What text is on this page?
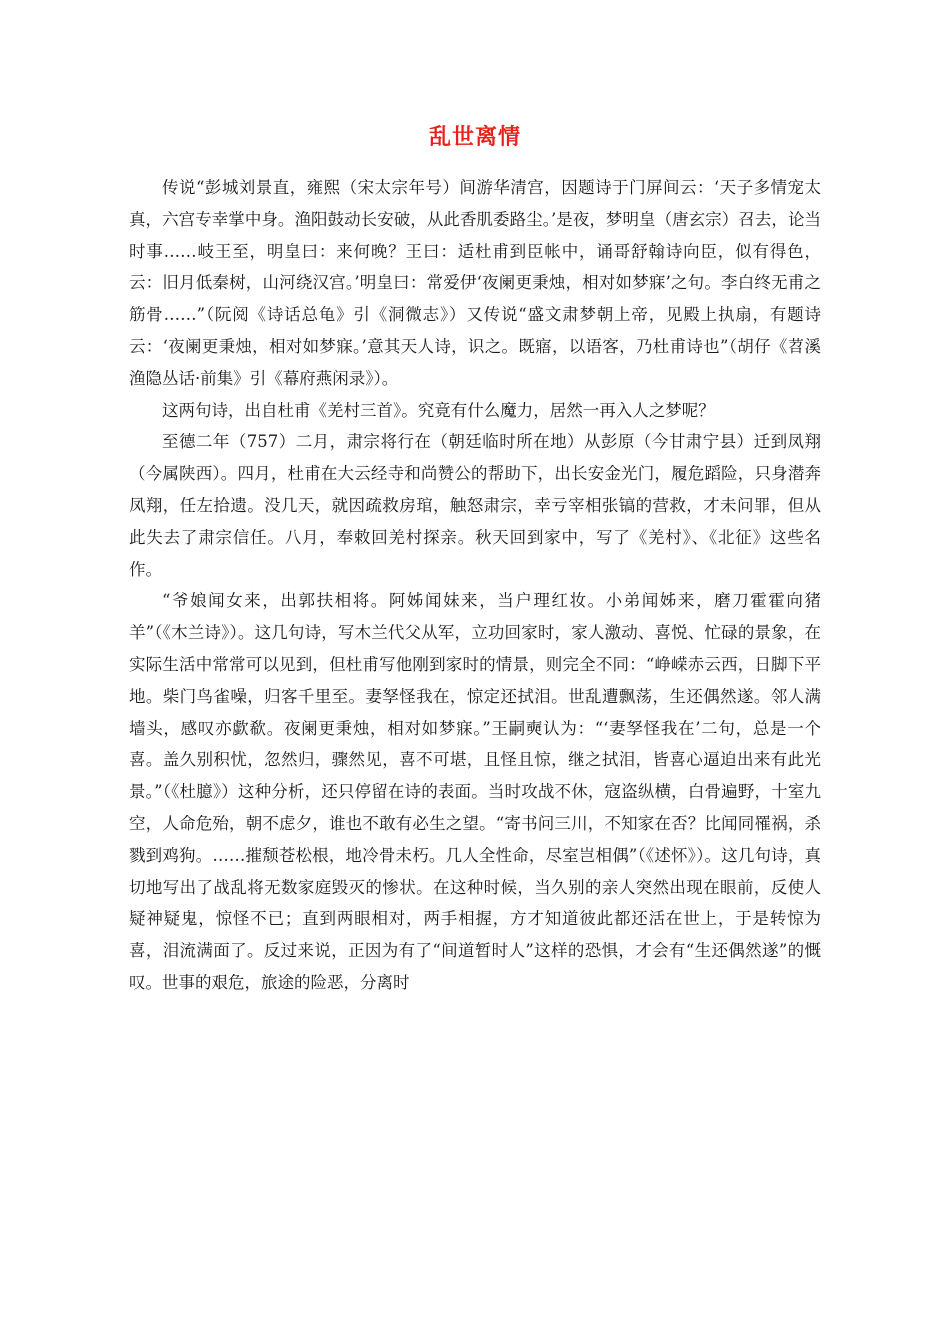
乱世离情

传说“彭城刘景直，雍熙（宋太宗年号）间游华清宫，因题诗于门屏间云：‘天子多情宠太真，六宫专幸掌中身。渔阳鼓动长安破，从此香肌委路尘。’是夜，梦明皇（唐玄宗）召去，论当时事……岐王至，明皇曰：来何晚？王曰：适杜甫到臣帐中，诵哥舒翰诗向臣，似有得色，云：旧月低秦树，山河绕汉宫。’明皇曰：常爱伊‘夜阑更秉烛，相对如梦寐’之句。李白终无甫之筋骨……”（阮阅《诗话总龟》引《洞微志》）又传说“盛文肃梦朝上帝，见殿上执扇，有题诗云：‘夜阑更秉烛，相对如梦寐。’意其天人诗，识之。既寤，以语客，乃杜甫诗也”（胡仔《苕溪渔隐丛话·前集》引《幕府燕闲录》）。

这两句诗，出自杜甫《羌村三首》。究竟有什么魔力，居然一再入人之梦呢？

至德二年（757）二月，肃宗将行在（朝廷临时所在地）从彭原（今甘肃宁县）迁到凤翔（今属陕西）。四月，杜甫在大云经寺和尚赞公的帮助下，出长安金光门，履危蹈险，只身潜奔凤翔，任左拾遗。没几天，就因疏救房琯，触怒肃宗，幸亏宰相张镐的营救，才未问罪，但从此失去了肃宗信任。八月，奉敕回羌村探亲。秋天回到家中，写了《羌村》、《北征》这些名作。

“爷娘闻女来，出郭扶相将。阿姊闻妹来，当户理红妆。小弟闻姊来，磨刀霍霍向猪羊”（《木兰诗》）。这几句诗，写木兰代父从军，立功回家时，家人激动、喜悦、忙碌的景象，在实际生活中常常可以见到，但杜甫写他刚到家时的情景，则完全不同：“峥嵘赤云西，日脚下平地。柴门鸟雀噪，归客千里至。妻孥怪我在，惊定还拭泪。世乱遭飘荡，生还偶然遂。邻人满墙头，感叹亦歔欷。夜阑更秉烛，相对如梦寐。”王嗣奭认为：“‘妻孥怪我在’二句，总是一个喜。盖久别积忧，忽然归，骤然见，喜不可堪，且怪且惊，继之拭泪，皆喜心逼迫出来有此光景。”（《杜臆》）这种分析，还只停留在诗的表面。当时攻战不休，寇盗纵横，白骨遍野，十室九空，人命危殆，朝不虑夕，谁也不敢有必生之望。“寄书问三川，不知家在否？比闻同罹祸，杀戮到鸡狗。……摧颓苍松根，地冷骨未朽。几人全性命，尽室岂相偶”（《述怀》）。这几句诗，真切地写出了战乱将无数家庭毁灭的惨状。在这种时候，当久别的亲人突然出现在眼前，反使人疑神疑鬼，惊怪不已；直到两眼相对，两手相握，方才知道彼此都还活在世上，于是转惊为喜，泪流满面了。反过来说，正因为有了“间道暂时人”这样的恐惧，才会有“生还偶然遂”的慨叹。世事的艰危，旅途的险恶，分离时
